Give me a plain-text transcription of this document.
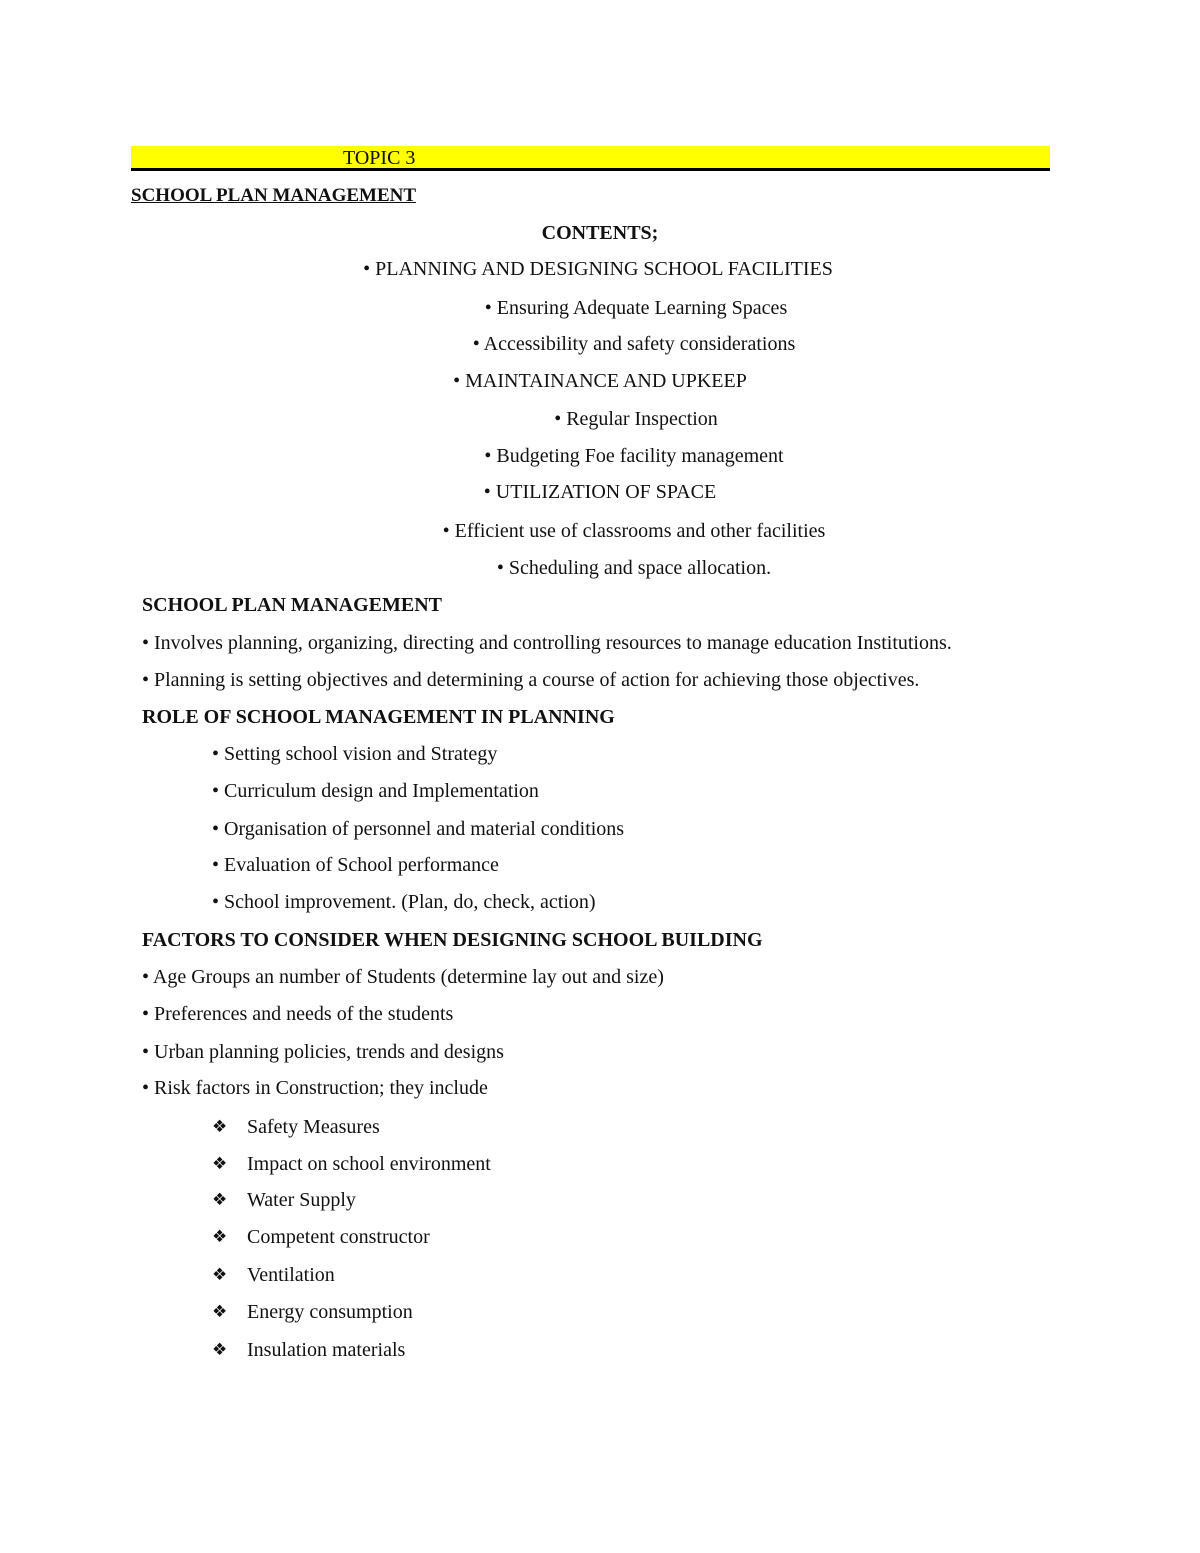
TOPIC 3
SCHOOL PLAN MANAGEMENT
CONTENTS;
• PLANNING AND DESIGNING SCHOOL FACILITIES
• Ensuring Adequate Learning Spaces
• Accessibility and safety considerations
• MAINTAINANCE AND UPKEEP
• Regular Inspection
• Budgeting Foe facility management
• UTILIZATION OF SPACE
• Efficient use of classrooms and other facilities
• Scheduling and space allocation.
SCHOOL PLAN MANAGEMENT
• Involves planning, organizing, directing and controlling resources to manage education Institutions.
• Planning is setting objectives and determining a course of action for achieving those objectives.
ROLE OF SCHOOL MANAGEMENT IN PLANNING
• Setting school vision and Strategy
• Curriculum design and Implementation
• Organisation of personnel and material conditions
• Evaluation of School performance
• School improvement. (Plan, do, check, action)
FACTORS TO CONSIDER WHEN DESIGNING SCHOOL BUILDING
• Age Groups an number of Students (determine lay out and size)
• Preferences and needs of the students
• Urban planning policies, trends and designs
• Risk factors in Construction; they include
❖ Safety Measures
❖ Impact on school environment
❖ Water Supply
❖ Competent constructor
❖ Ventilation
❖ Energy consumption
❖ Insulation materials
